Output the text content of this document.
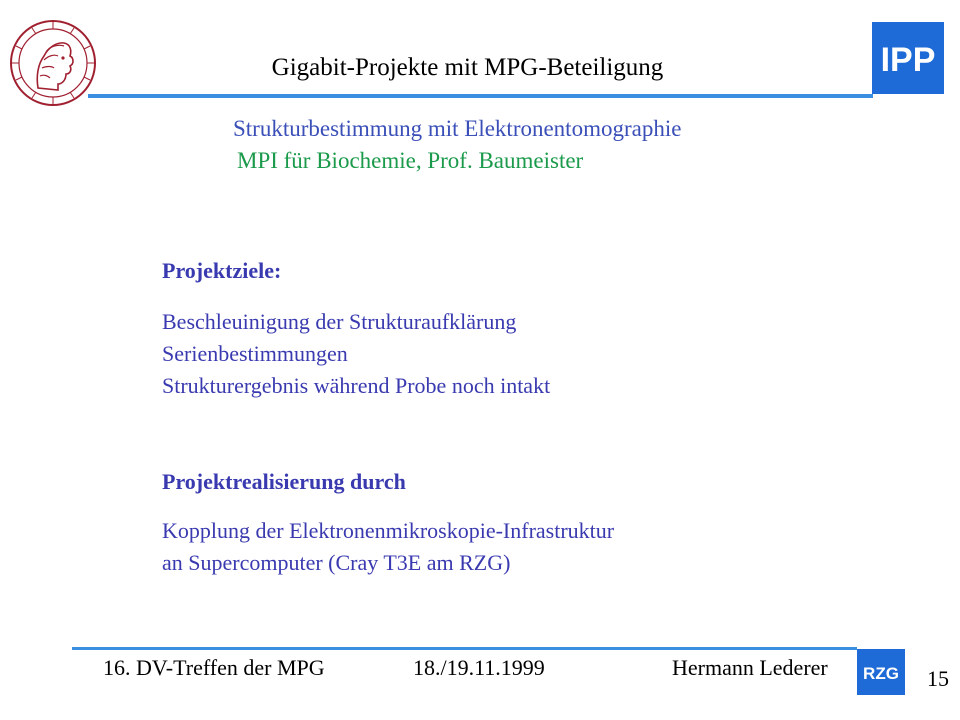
Gigabit-Projekte mit MPG-Beteiligung	IPP
Strukturbestimmung mit Elektronentomographie
MPI für Biochemie, Prof. Baumeister
Projektziele:
Beschleuinigung der Strukturaufklärung
Serienbestimmungen
Strukturergebnis während Probe noch intakt
Projektrealisierung durch
Kopplung der Elektronenmikroskopie-Infrastruktur
an Supercomputer (Cray T3E am RZG)
16. DV-Treffen der MPG	18./19.11.1999	Hermann Lederer RZG 15
